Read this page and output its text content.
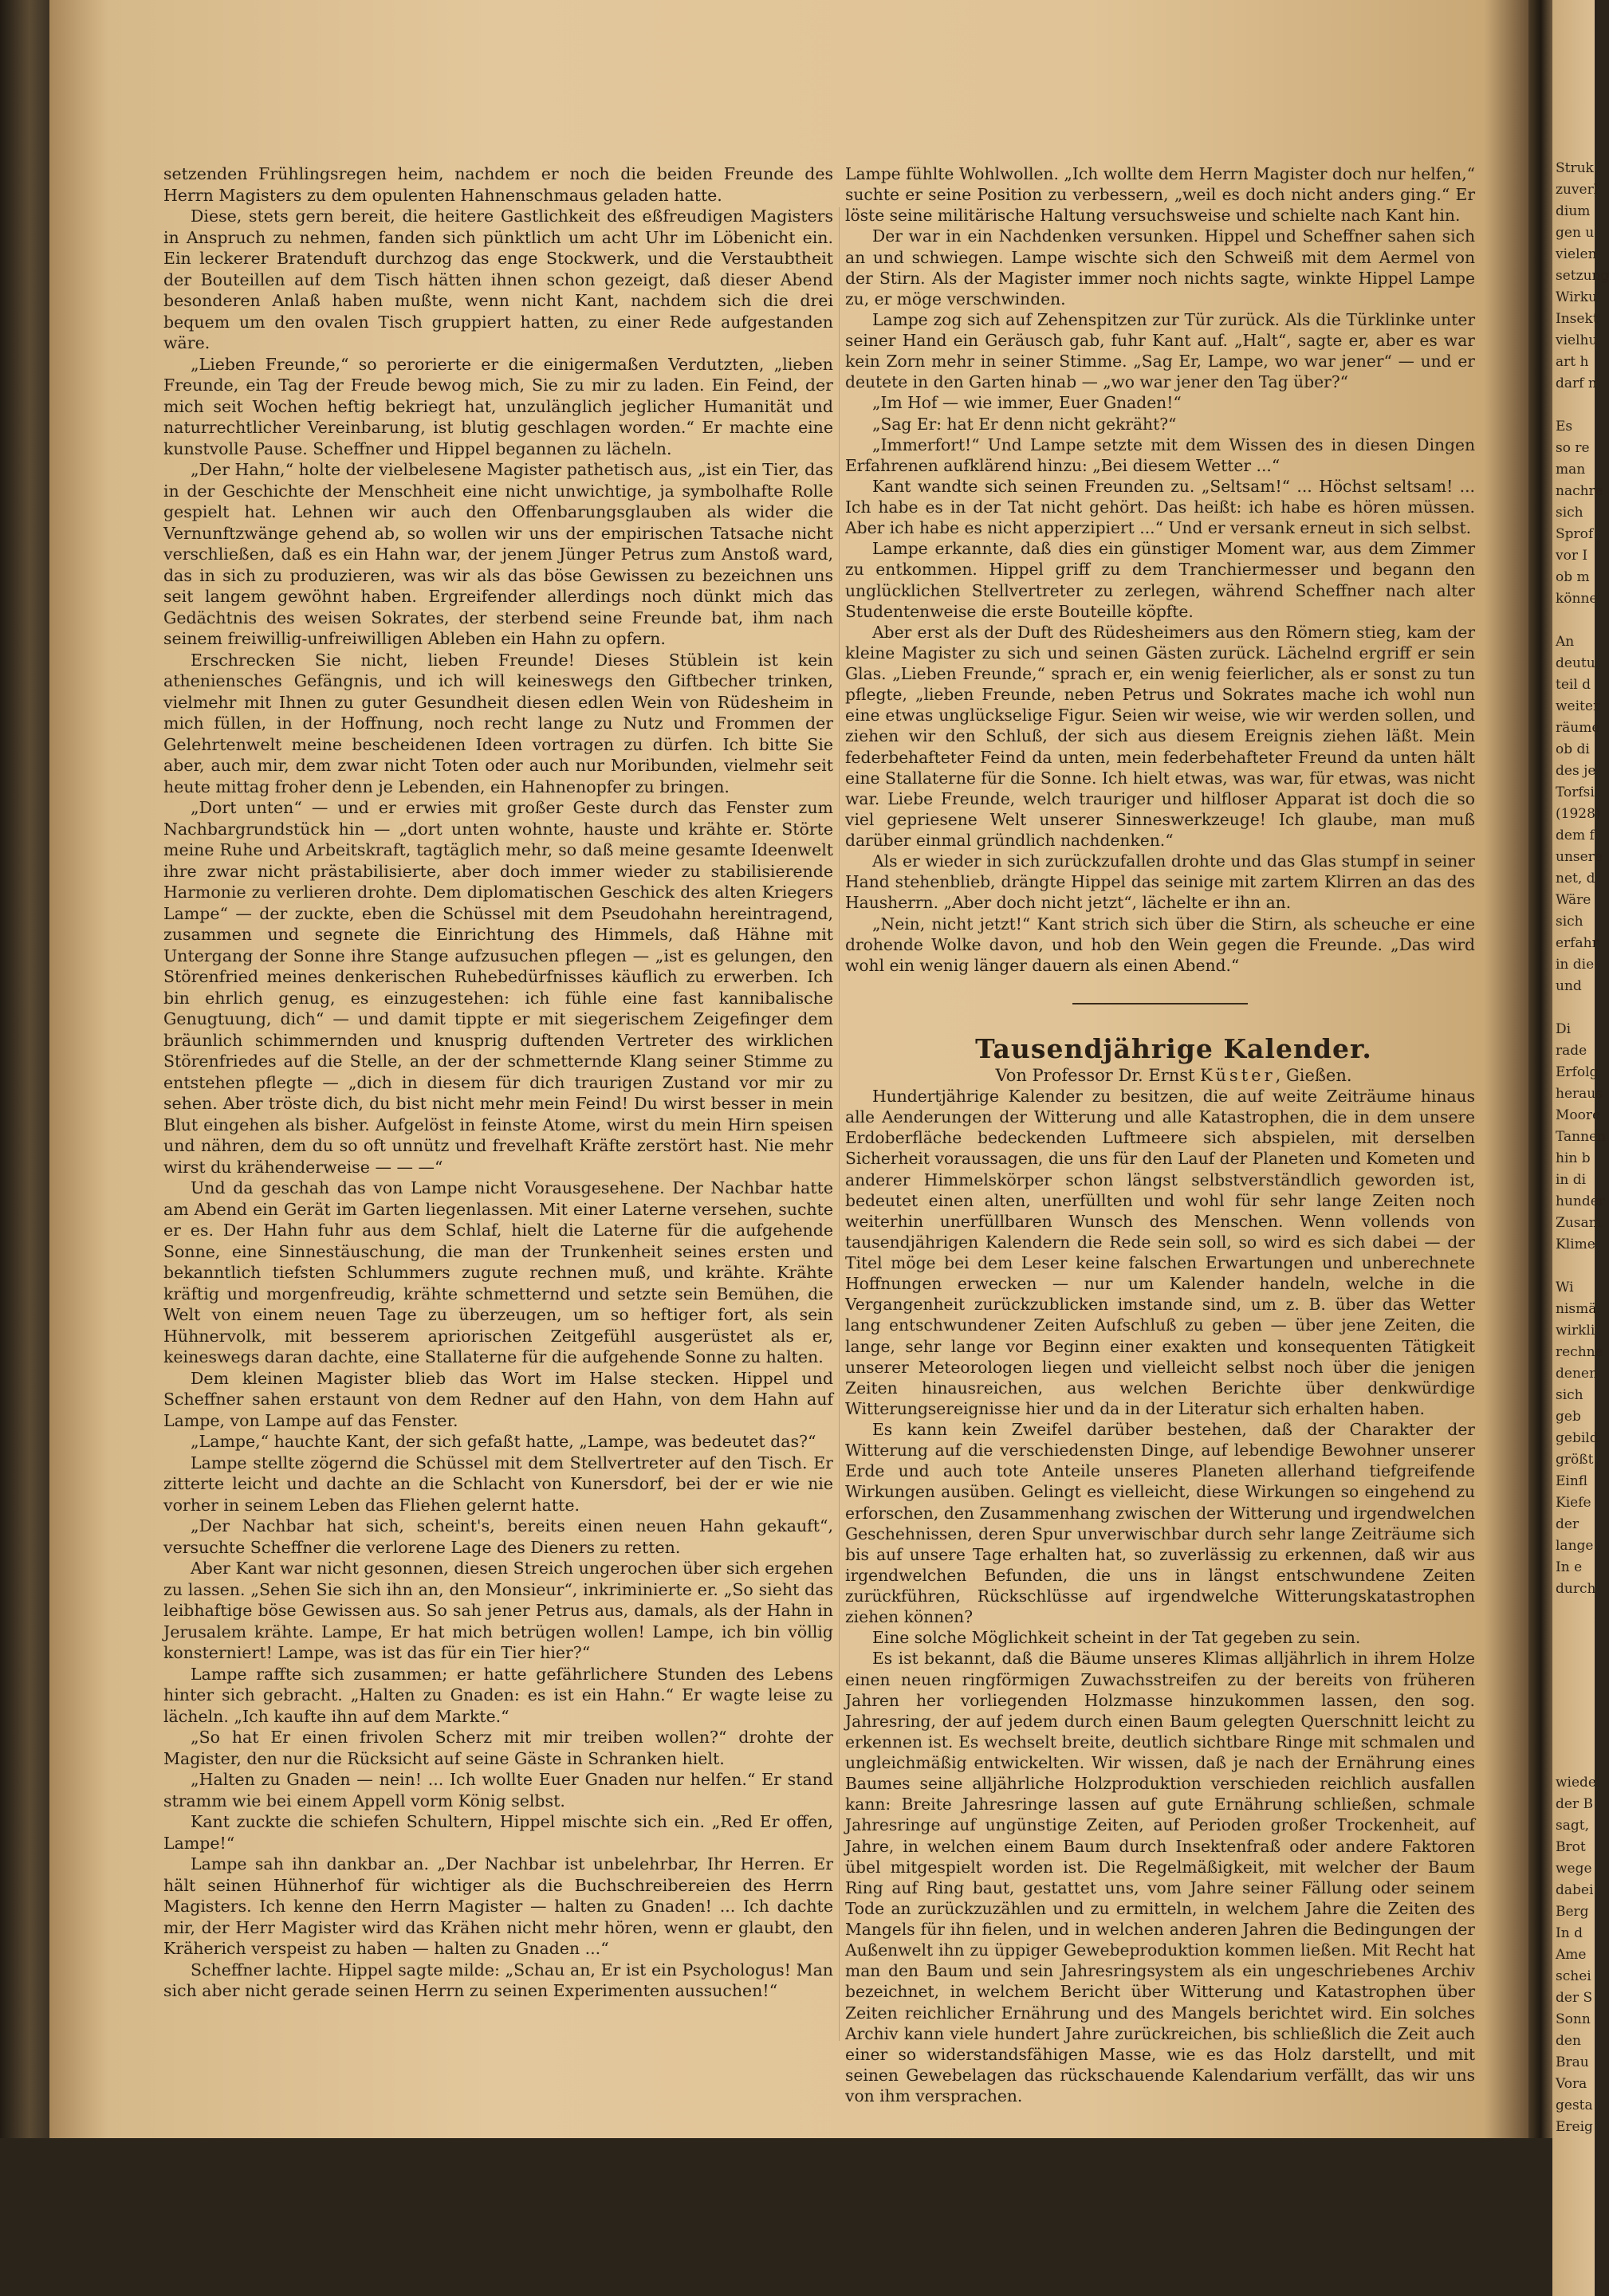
setzenden Frühlingsregen heim, nachdem er noch die beiden Freunde des Herrn Magisters zu dem opulenten Hahnenschmaus geladen hatte.

Diese, stets gern bereit, die heitere Gastlichkeit des eßfreudigen Magisters in Anspruch zu nehmen, fanden sich pünktlich um acht Uhr im Löbenicht ein. Ein leckerer Bratenduft durchzog das enge Stockwerk, und die Verstaubtheit der Bouteillen auf dem Tisch hätten ihnen schon gezeigt, daß dieser Abend besonderen Anlaß haben mußte, wenn nicht Kant, nachdem sich die drei bequem um den ovalen Tisch gruppiert hatten, zu einer Rede aufgestanden wäre.

„Lieben Freunde,“ so perorierte er die einigermaßen Verdutzten, „lieben Freunde, ein Tag der Freude bewog mich, Sie zu mir zu laden. Ein Feind, der mich seit Wochen heftig bekriegt hat, unzulänglich jeglicher Humanität und naturrechtlicher Vereinbarung, ist blutig geschlagen worden.“ Er machte eine kunstvolle Pause. Scheffner und Hippel begannen zu lächeln.

„Der Hahn,“ holte der vielbelesene Magister pathetisch aus, „ist ein Tier, das in der Geschichte der Menschheit eine nicht unwichtige, ja symbolhafte Rolle gespielt hat. Lehnen wir auch den Offenbarungsglauben als wider die Vernunftzwänge gehend ab, so wollen wir uns der empirischen Tatsache nicht verschließen, daß es ein Hahn war, der jenem Jünger Petrus zum Anstoß ward, das in sich zu produzieren, was wir als das böse Gewissen zu bezeichnen uns seit langem gewöhnt haben. Ergreifender allerdings noch dünkt mich das Gedächtnis des weisen Sokrates, der sterbend seine Freunde bat, ihm nach seinem freiwillig-unfreiwilligen Ableben ein Hahn zu opfern.

Erschrecken Sie nicht, lieben Freunde! Dieses Stüblein ist kein atheniensches Gefängnis, und ich will keineswegs den Giftbecher trinken, vielmehr mit Ihnen zu guter Gesundheit diesen edlen Wein von Rüdesheim in mich füllen, in der Hoffnung, noch recht lange zu Nutz und Frommen der Gelehrtenwelt meine bescheidenen Ideen vortragen zu dürfen. Ich bitte Sie aber, auch mir, dem zwar nicht Toten oder auch nur Moribunden, vielmehr seit heute mittag froher denn je Lebenden, ein Hahnenopfer zu bringen.

„Dort unten“ — und er erwies mit großer Geste durch das Fenster zum Nachbargrundstück hin — „dort unten wohnte, hauste und krähte er. Störte meine Ruhe und Arbeitskraft, tagtäglich mehr, so daß meine gesamte Ideenwelt ihre zwar nicht prästabilisierte, aber doch immer wieder zu stabilisierende Harmonie zu verlieren drohte. Dem diplomatischen Geschick des alten Kriegers Lampe“ — der zuckte, eben die Schüssel mit dem Pseudohahn hereintragend, zusammen und segnete die Einrichtung des Himmels, daß Hähne mit Untergang der Sonne ihre Stange aufzusuchen pflegen — „ist es gelungen, den Störenfried meines denkerischen Ruhebedürfnisses käuflich zu erwerben. Ich bin ehrlich genug, es einzugestehen: ich fühle eine fast kannibalische Genugtuung, dich“ — und damit tippte er mit siegerischem Zeigefinger dem bräunlich schimmernden und knusprig duftenden Vertreter des wirklichen Störenfriedes auf die Stelle, an der der schmetternde Klang seiner Stimme zu entstehen pflegte — „dich in diesem für dich traurigen Zustand vor mir zu sehen. Aber tröste dich, du bist nicht mehr mein Feind! Du wirst besser in mein Blut eingehen als bisher. Aufgelöst in feinste Atome, wirst du mein Hirn speisen und nähren, dem du so oft unnütz und frevelhaft Kräfte zerstört hast. Nie mehr wirst du krähenderweise — — —“

Und da geschah das von Lampe nicht Vorausgesehene. Der Nachbar hatte am Abend ein Gerät im Garten liegenlassen. Mit einer Laterne versehen, suchte er es. Der Hahn fuhr aus dem Schlaf, hielt die Laterne für die aufgehende Sonne, eine Sinnestäuschung, die man der Trunkenheit seines ersten und bekanntlich tiefsten Schlummers zugute rechnen muß, und krähte. Krähte kräftig und morgenfreudig, krähte schmetternd und setzte sein Bemühen, die Welt von einem neuen Tage zu überzeugen, um so heftiger fort, als sein Hühnervolk, mit besserem apriorischen Zeitgefühl ausgerüstet als er, keineswegs daran dachte, eine Stallaterne für die aufgehende Sonne zu halten.

Dem kleinen Magister blieb das Wort im Halse stecken. Hippel und Scheffner sahen erstaunt von dem Redner auf den Hahn, von dem Hahn auf Lampe, von Lampe auf das Fenster.

„Lampe,“ hauchte Kant, der sich gefaßt hatte, „Lampe, was bedeutet das?“

Lampe stellte zögernd die Schüssel mit dem Stellvertreter auf den Tisch. Er zitterte leicht und dachte an die Schlacht von Kunersdorf, bei der er wie nie vorher in seinem Leben das Fliehen gelernt hatte.

„Der Nachbar hat sich, scheint's, bereits einen neuen Hahn gekauft“, versuchte Scheffner die verlorene Lage des Dieners zu retten.

Aber Kant war nicht gesonnen, diesen Streich ungerochen über sich ergehen zu lassen. „Sehen Sie sich ihn an, den Monsieur“, inkriminierte er. „So sieht das leibhaftige böse Gewissen aus. So sah jener Petrus aus, damals, als der Hahn in Jerusalem krähte. Lampe, Er hat mich betrügen wollen! Lampe, ich bin völlig konsterniert! Lampe, was ist das für ein Tier hier?“

Lampe raffte sich zusammen; er hatte gefährlichere Stunden des Lebens hinter sich gebracht. „Halten zu Gnaden: es ist ein Hahn.“ Er wagte leise zu lächeln. „Ich kaufte ihn auf dem Markte.“

„So hat Er einen frivolen Scherz mit mir treiben wollen?“ drohte der Magister, den nur die Rücksicht auf seine Gäste in Schranken hielt.

„Halten zu Gnaden — nein! ... Ich wollte Euer Gnaden nur helfen.“ Er stand stramm wie bei einem Appell vorm König selbst.

Kant zuckte die schiefen Schultern, Hippel mischte sich ein. „Red Er offen, Lampe!“

Lampe sah ihn dankbar an. „Der Nachbar ist unbelehrbar, Ihr Herren. Er hält seinen Hühnerhof für wichtiger als die Buchschreibereien des Herrn Magisters. Ich kenne den Herrn Magister — halten zu Gnaden! ... Ich dachte mir, der Herr Magister wird das Krähen nicht mehr hören, wenn er glaubt, den Kräherich verspeist zu haben — halten zu Gnaden ...“

Scheffner lachte. Hippel sagte milde: „Schau an, Er ist ein Psychologus! Man sich aber nicht gerade seinen Herrn zu seinen Experimenten aussuchen!“

Lampe fühlte Wohlwollen. „Ich wollte dem Herrn Magister doch nur helfen,“ suchte er seine Position zu verbessern, „weil es doch nicht anders ging.“ Er löste seine militärische Haltung versuchsweise und schielte nach Kant hin.

Der war in ein Nachdenken versunken. Hippel und Scheffner sahen sich an und schwiegen. Lampe wischte sich den Schweiß mit dem Aermel von der Stirn. Als der Magister immer noch nichts sagte, winkte Hippel Lampe zu, er möge verschwinden.

Lampe zog sich auf Zehenspitzen zur Tür zurück. Als die Türklinke unter seiner Hand ein Geräusch gab, fuhr Kant auf. „Halt“, sagte er, aber es war kein Zorn mehr in seiner Stimme. „Sag Er, Lampe, wo war jener“ — und er deutete in den Garten hinab — „wo war jener den Tag über?“

„Im Hof — wie immer, Euer Gnaden!“

„Sag Er: hat Er denn nicht gekräht?“

„Immerfort!“ Und Lampe setzte mit dem Wissen des in diesen Dingen Erfahrenen aufklärend hinzu: „Bei diesem Wetter ...“

Kant wandte sich seinen Freunden zu. „Seltsam!“ ... Höchst seltsam! ... Ich habe es in der Tat nicht gehört. Das heißt: ich habe es hören müssen. Aber ich habe es nicht apperzipiert ...“ Und er versank erneut in sich selbst.

Lampe erkannte, daß dies ein günstiger Moment war, aus dem Zimmer zu entkommen. Hippel griff zu dem Tranchiermesser und begann den unglücklichen Stellvertreter zu zerlegen, während Scheffner nach alter Studentenweise die erste Bouteille köpfte.

Aber erst als der Duft des Rüdesheimers aus den Römern stieg, kam der kleine Magister zu sich und seinen Gästen zurück. Lächelnd ergriff er sein Glas. „Lieben Freunde,“ sprach er, ein wenig feierlicher, als er sonst zu tun pflegte, „lieben Freunde, neben Petrus und Sokrates mache ich wohl nun eine etwas unglückselige Figur. Seien wir weise, wie wir werden sollen, und ziehen wir den Schluß, der sich aus diesem Ereignis ziehen läßt. Mein federbehafteter Feind da unten, mein federbehafteter Freund da unten hält eine Stallaterne für die Sonne. Ich hielt etwas, was war, für etwas, was nicht war. Liebe Freunde, welch trauriger und hilfloser Apparat ist doch die so viel gepriesene Welt unserer Sinneswerkzeuge! Ich glaube, man muß darüber einmal gründlich nachdenken.“

Als er wieder in sich zurückzufallen drohte und das Glas stumpf in seiner Hand stehenblieb, drängte Hippel das seinige mit zartem Klirren an das des Hausherrn. „Aber doch nicht jetzt“, lächelte er ihn an.

„Nein, nicht jetzt!“ Kant strich sich über die Stirn, als scheuche er eine drohende Wolke davon, und hob den Wein gegen die Freunde. „Das wird wohl ein wenig länger dauern als einen Abend.“

Tausendjährige Kalender.

Von Professor Dr. Ernst Küster, Gießen.

Hundertjährige Kalender zu besitzen, die auf weite Zeiträume hinaus alle Aenderungen der Witterung und alle Katastrophen, die in dem unsere Erdoberfläche bedeckenden Luftmeere sich abspielen, mit derselben Sicherheit voraussagen, die uns für den Lauf der Planeten und Kometen und anderer Himmelskörper schon längst selbstverständlich geworden ist, bedeutet einen alten, unerfüllten und wohl für sehr lange Zeiten noch weiterhin unerfüllbaren Wunsch des Menschen. Wenn vollends von tausendjährigen Kalendern die Rede sein soll, so wird es sich dabei — der Titel möge bei dem Leser keine falschen Erwartungen und unberechnete Hoffnungen erwecken — nur um Kalender handeln, welche in die Vergangenheit zurückzublicken imstande sind, um z. B. über das Wetter lang entschwundener Zeiten Aufschluß zu geben — über jene Zeiten, die lange, sehr lange vor Beginn einer exakten und konsequenten Tätigkeit unserer Meteorologen liegen und vielleicht selbst noch über die jenigen Zeiten hinausreichen, aus welchen Berichte über denkwürdige Witterungsereignisse hier und da in der Literatur sich erhalten haben.

Es kann kein Zweifel darüber bestehen, daß der Charakter der Witterung auf die verschiedensten Dinge, auf lebendige Bewohner unserer Erde und auch tote Anteile unseres Planeten allerhand tiefgreifende Wirkungen ausüben. Gelingt es vielleicht, diese Wirkungen so eingehend zu erforschen, den Zusammenhang zwischen der Witterung und irgendwelchen Geschehnissen, deren Spur unverwischbar durch sehr lange Zeiträume sich bis auf unsere Tage erhalten hat, so zuverlässig zu erkennen, daß wir aus irgendwelchen Befunden, die uns in längst entschwundene Zeiten zurückführen, Rückschlüsse auf irgendwelche Witterungskatastrophen ziehen können?

Eine solche Möglichkeit scheint in der Tat gegeben zu sein.

Es ist bekannt, daß die Bäume unseres Klimas alljährlich in ihrem Holze einen neuen ringförmigen Zuwachsstreifen zu der bereits von früheren Jahren her vorliegenden Holzmasse hinzukommen lassen, den sog. Jahresring, der auf jedem durch einen Baum gelegten Querschnitt leicht zu erkennen ist. Es wechselt breite, deutlich sichtbare Ringe mit schmalen und ungleichmäßig entwickelten. Wir wissen, daß je nach der Ernährung eines Baumes seine alljährliche Holzproduktion verschieden reichlich ausfallen kann: Breite Jahresringe lassen auf gute Ernährung schließen, schmale Jahresringe auf ungünstige Zeiten, auf Perioden großer Trockenheit, auf Jahre, in welchen einem Baum durch Insektenfraß oder andere Faktoren übel mitgespielt worden ist. Die Regelmäßigkeit, mit welcher der Baum Ring auf Ring baut, gestattet uns, vom Jahre seiner Fällung oder seinem Tode an zurückzuzählen und zu ermitteln, in welchem Jahre die Zeiten des Mangels für ihn fielen, und in welchen anderen Jahren die Bedingungen der Außenwelt ihn zu üppiger Gewebeproduktion kommen ließen. Mit Recht hat man den Baum und sein Jahresringsystem als ein ungeschriebenes Archiv bezeichnet, in welchem Bericht über Witterung und Katastrophen über Zeiten reichlicher Ernährung und des Mangels berichtet wird. Ein solches Archiv kann viele hundert Jahre zurückreichen, bis schließlich die Zeit auch einer so widerstandsfähigen Masse, wie es das Holz darstellt, und mit seinen Gewebelagen das rückschauende Kalendarium verfällt, das wir uns von ihm versprachen.

Struk
zuverl
dium
gen u
vielen
setzung
Wirku
Insekt
vielhu
art h
darf n
Es
so re
man
nachre
sich
Sprof
vor I
ob m
könne
An
deutu
teil d
weiter
räume
ob di
des je
Torfsi
(1928)
dem f
unsere
net, d
Wäre
sich
erfahr
in die
und
Di
rade
Erfolg
heraus
Moore
Tannen
hin b
in di
hunder
Zusam
Klime
Wi
nismä
wirkli
rechne
denen
sich
geb
gebild
größt
Einfl
Kiefe
der
lange
In e
durch
wiede
der B
sagt,
Brot
wege
dabei
Berg
In d
Ame
schei
der S
Sonn
den
Brau
Vora
gesta
Ereig
